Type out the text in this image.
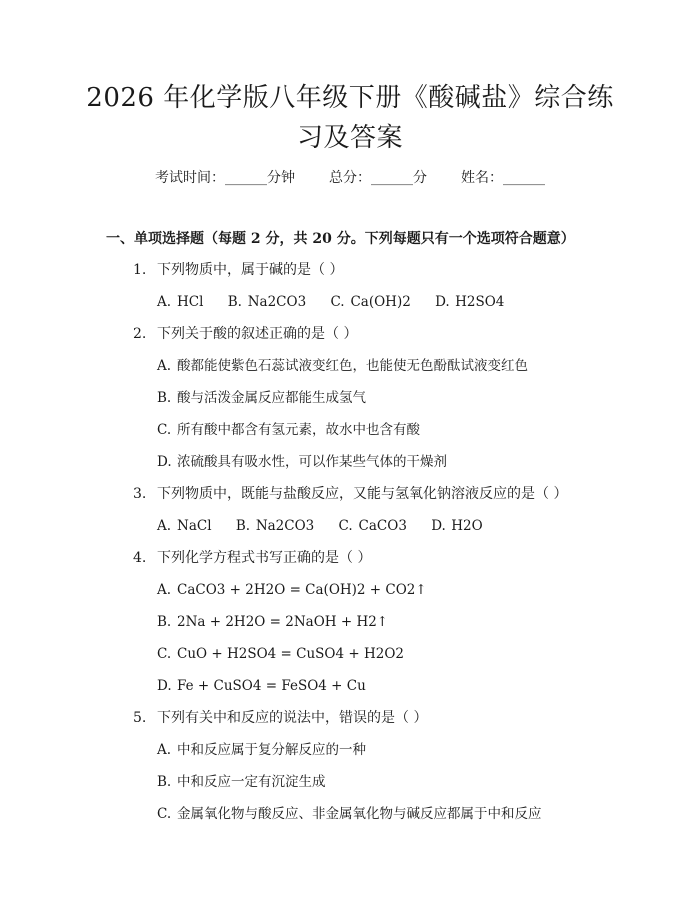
2026 年化学版八年级下册《酸碱盐》综合练
习及答案
考试时间：______分钟 总分：______分 姓名：______
一、单项选择题（每题 2 分，共 20 分。下列每题只有一个选项符合题意）
1. 下列物质中，属于碱的是（ ）
A. HCl B. Na2CO3 C. Ca(OH)2 D. H2SO4
2. 下列关于酸的叙述正确的是（ ）
A. 酸都能使紫色石蕊试液变红色，也能使无色酚酞试液变红色
B. 酸与活泼金属反应都能生成氢气
C. 所有酸中都含有氢元素，故水中也含有酸
D. 浓硫酸具有吸水性，可以作某些气体的干燥剂
3. 下列物质中，既能与盐酸反应，又能与氢氧化钠溶液反应的是（ ）
A. NaCl B. Na2CO3 C. CaCO3 D. H2O
4. 下列化学方程式书写正确的是（ ）
A. CaCO3 + 2H2O = Ca(OH)2 + CO2↑
B. 2Na + 2H2O = 2NaOH + H2↑
C. CuO + H2SO4 = CuSO4 + H2O2
D. Fe + CuSO4 = FeSO4 + Cu
5. 下列有关中和反应的说法中，错误的是（ ）
A. 中和反应属于复分解反应的一种
B. 中和反应一定有沉淀生成
C. 金属氧化物与酸反应、非金属氧化物与碱反应都属于中和反应
